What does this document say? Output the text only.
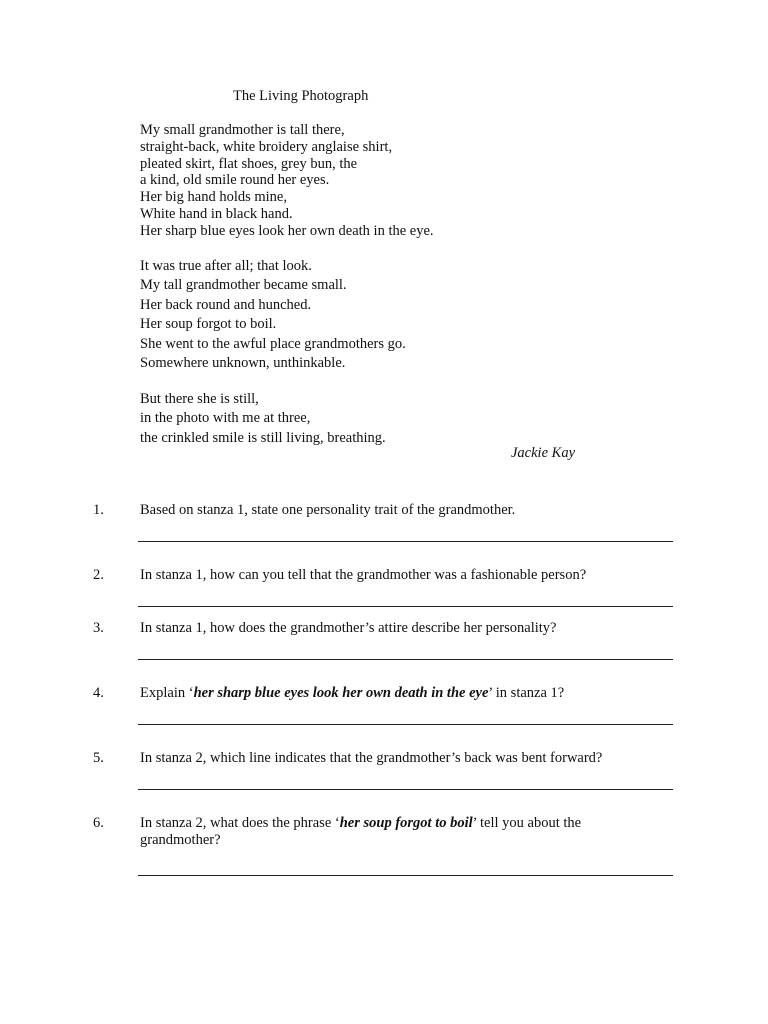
The Living Photograph
My small grandmother is tall there,
straight-back, white broidery anglaise shirt,
pleated skirt, flat shoes, grey bun, the
a kind, old smile round her eyes.
Her big hand holds mine,
White hand in black hand.
Her sharp blue eyes look her own death in the eye.
It was true after all; that look.
My tall grandmother became small.
Her back round and hunched.
Her soup forgot to boil.
She went to the awful place grandmothers go.
Somewhere unknown, unthinkable.
But there she is still,
in the photo with me at three,
the crinkled smile is still living, breathing.
Jackie Kay
1. Based on stanza 1, state one personality trait of the grandmother.
2. In stanza 1, how can you tell that the grandmother was a fashionable person?
3. In stanza 1, how does the grandmother’s attire describe her personality?
4. Explain ‘her sharp blue eyes look her own death in the eye’ in stanza 1?
5. In stanza 2, which line indicates that the grandmother’s back was bent forward?
6. In stanza 2, what does the phrase ‘her soup forgot to boil’ tell you about the grandmother?
